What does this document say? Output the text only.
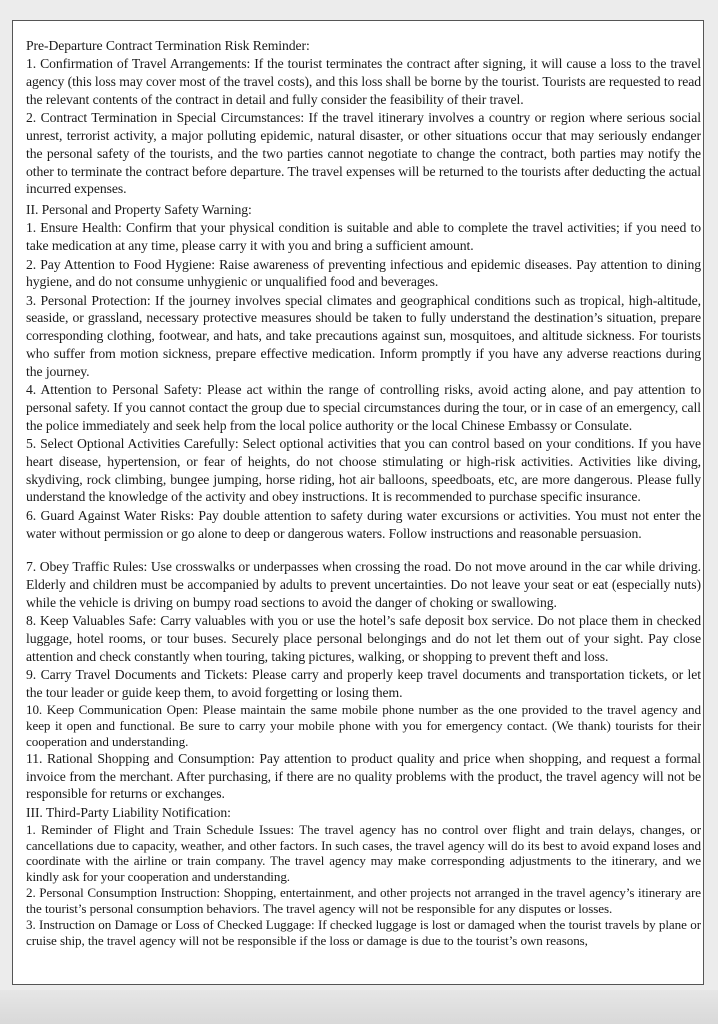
Pre-Departure Contract Termination Risk Reminder:

1. Confirmation of Travel Arrangements: If the tourist terminates the contract after signing, it will cause a loss to the travel agency (this loss may cover most of the travel costs), and this loss shall be borne by the tourist. Tourists are requested to read the relevant contents of the contract in detail and fully consider the feasibility of their travel.

2. Contract Termination in Special Circumstances: If the travel itinerary involves a country or region where serious social unrest, terrorist activity, a major polluting epidemic, natural disaster, or other situations occur that may seriously endanger the personal safety of the tourists, and the two parties cannot negotiate to change the contract, both parties may notify the other to terminate the contract before departure. The travel expenses will be returned to the tourists after deducting the actual incurred expenses.

II. Personal and Property Safety Warning:

1. Ensure Health: Confirm that your physical condition is suitable and able to complete the travel activities; if you need to take medication at any time, please carry it with you and bring a sufficient amount.

2. Pay Attention to Food Hygiene: Raise awareness of preventing infectious and epidemic diseases. Pay attention to dining hygiene, and do not consume unhygienic or unqualified food and beverages.

3. Personal Protection: If the journey involves special climates and geographical conditions such as tropical, high-altitude, seaside, or grassland, necessary protective measures should be taken to fully understand the destination’s situation, prepare corresponding clothing, footwear, and hats, and take precautions against sun, mosquitoes, and altitude sickness. For tourists who suffer from motion sickness, prepare effective medication. Inform promptly if you have any adverse reactions during the journey.

4. Attention to Personal Safety: Please act within the range of controlling risks, avoid acting alone, and pay attention to personal safety. If you cannot contact the group due to special circumstances during the tour, or in case of an emergency, call the police immediately and seek help from the local police authority or the local Chinese Embassy or Consulate.

5. Select Optional Activities Carefully: Select optional activities that you can control based on your conditions. If you have heart disease, hypertension, or fear of heights, do not choose stimulating or high-risk activities. Activities like diving, skydiving, rock climbing, bungee jumping, horse riding, hot air balloons, speedboats, etc, are more dangerous. Please fully understand the knowledge of the activity and obey instructions. It is recommended to purchase specific insurance.

6. Guard Against Water Risks: Pay double attention to safety during water excursions or activities. You must not enter the water without permission or go alone to deep or dangerous waters. Follow instructions and reasonable persuasion.

7. Obey Traffic Rules: Use crosswalks or underpasses when crossing the road. Do not move around in the car while driving. Elderly and children must be accompanied by adults to prevent uncertainties. Do not leave your seat or eat (especially nuts) while the vehicle is driving on bumpy road sections to avoid the danger of choking or swallowing.

8. Keep Valuables Safe: Carry valuables with you or use the hotel’s safe deposit box service. Do not place them in checked luggage, hotel rooms, or tour buses. Securely place personal belongings and do not let them out of your sight. Pay close attention and check constantly when touring, taking pictures, walking, or shopping to prevent theft and loss.

9. Carry Travel Documents and Tickets: Please carry and properly keep travel documents and transportation tickets, or let the tour leader or guide keep them, to avoid forgetting or losing them.

10. Keep Communication Open: Please maintain the same mobile phone number as the one provided to the travel agency and keep it open and functional. Be sure to carry your mobile phone with you for emergency contact. (We thank) tourists for their cooperation and understanding.

11. Rational Shopping and Consumption: Pay attention to product quality and price when shopping, and request a formal invoice from the merchant. After purchasing, if there are no quality problems with the product, the travel agency will not be responsible for returns or exchanges.

III. Third-Party Liability Notification:

1. Reminder of Flight and Train Schedule Issues: The travel agency has no control over flight and train delays, changes, or cancellations due to capacity, weather, and other factors. In such cases, the travel agency will do its best to avoid expand loses and coordinate with the airline or train company. The travel agency may make corresponding adjustments to the itinerary, and we kindly ask for your cooperation and understanding.

2. Personal Consumption Instruction: Shopping, entertainment, and other projects not arranged in the travel agency’s itinerary are the tourist’s personal consumption behaviors. The travel agency will not be responsible for any disputes or losses.

3. Instruction on Damage or Loss of Checked Luggage: If checked luggage is lost or damaged when the tourist travels by plane or cruise ship, the travel agency will not be responsible if the loss or damage is due to the tourist’s own reasons,
